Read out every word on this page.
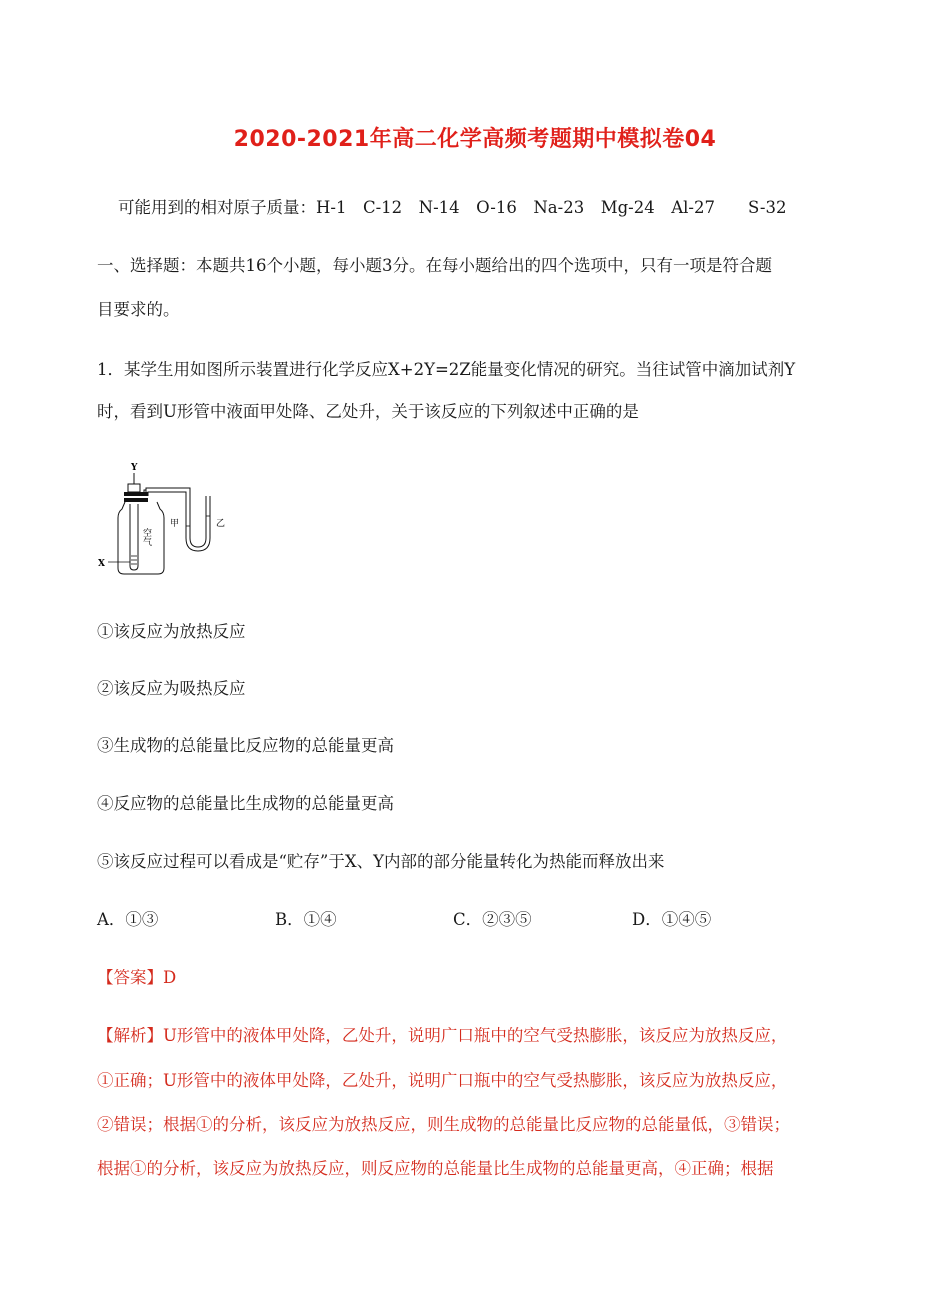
2020-2021年高二化学高频考题期中模拟卷04
可能用到的相对原子质量：H-1　C-12　N-14　O-16　Na-23　Mg-24　Al-27　　S-32
一、选择题：本题共16个小题，每小题3分。在每小题给出的四个选项中，只有一项是符合题
目要求的。
1．某学生用如图所示装置进行化学反应X+2Y=2Z能量变化情况的研究。当往试管中滴加试剂Y
时，看到U形管中液面甲处降、乙处升，关于该反应的下列叙述中正确的是
Y
X
空气
甲	乙
①该反应为放热反应
②该反应为吸热反应
③生成物的总能量比反应物的总能量更高
④反应物的总能量比生成物的总能量更高
⑤该反应过程可以看成是“贮存”于X、Y内部的部分能量转化为热能而释放出来
A．①③	B．①④	C．②③⑤	D．①④⑤
【答案】D
【解析】U形管中的液体甲处降，乙处升，说明广口瓶中的空气受热膨胀，该反应为放热反应，
①正确；U形管中的液体甲处降，乙处升，说明广口瓶中的空气受热膨胀，该反应为放热反应，
②错误；根据①的分析，该反应为放热反应，则生成物的总能量比反应物的总能量低，③错误；
根据①的分析，该反应为放热反应，则反应物的总能量比生成物的总能量更高，④正确；根据
